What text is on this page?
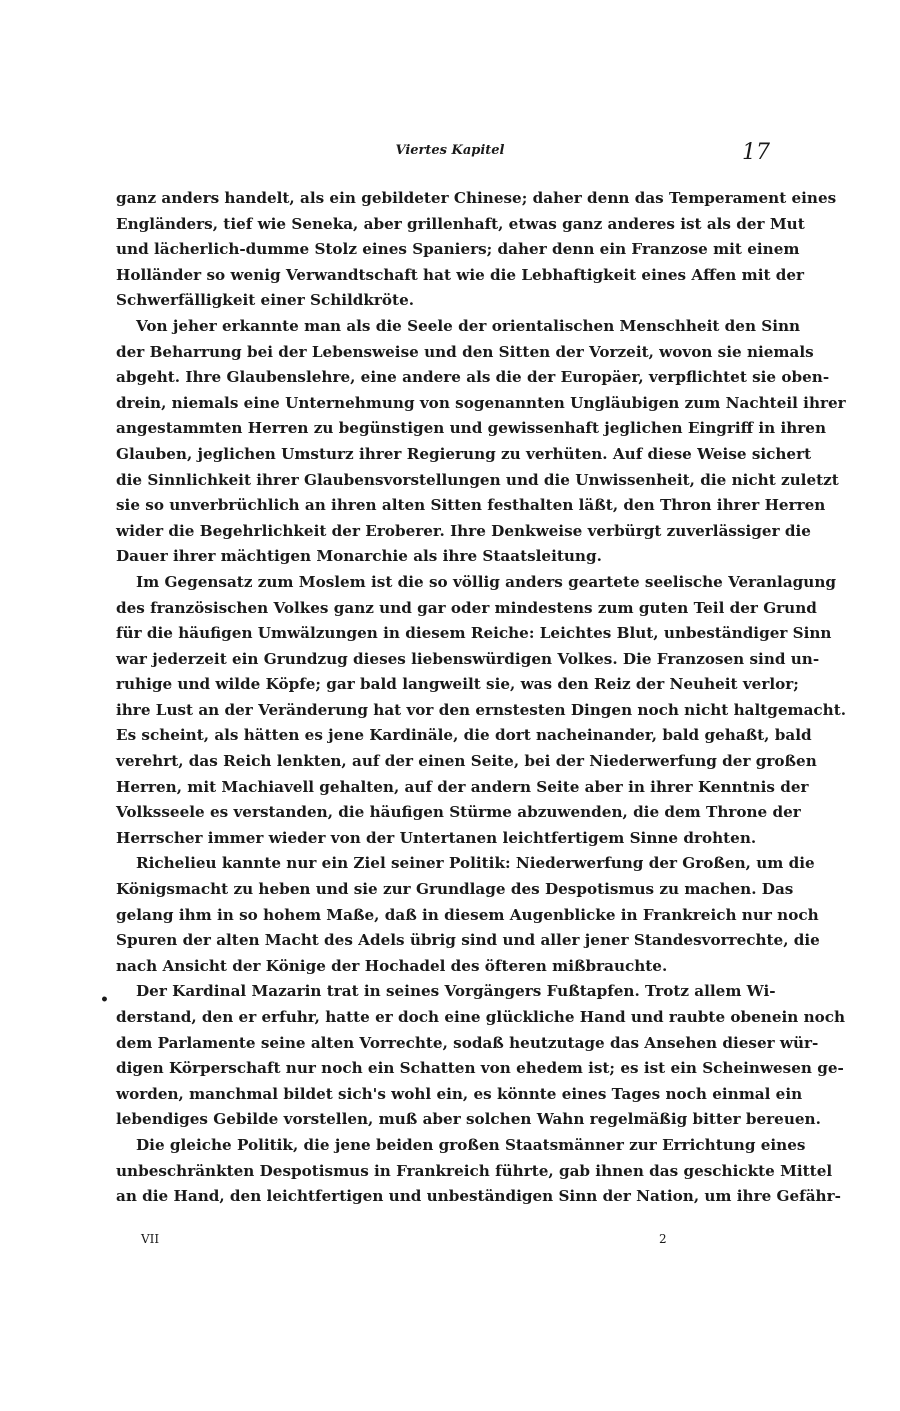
Viertes Kapitel	17
•
ganz anders handelt, als ein gebildeter Chinese; daher denn das Temperament eines
Engländers, tief wie Seneka, aber grillenhaft, etwas ganz anderes ist als der Mut
und lächerlich-dumme Stolz eines Spaniers; daher denn ein Franzose mit einem
Holländer so wenig Verwandtschaft hat wie die Lebhaftigkeit eines Affen mit der
Schwerfälligkeit einer Schildkröte.
Von jeher erkannte man als die Seele der orientalischen Menschheit den Sinn
der Beharrung bei der Lebensweise und den Sitten der Vorzeit, wovon sie niemals
abgeht. Ihre Glaubenslehre, eine andere als die der Europäer, verpflichtet sie oben-
drein, niemals eine Unternehmung von sogenannten Ungläubigen zum Nachteil ihrer
angestammten Herren zu begünstigen und gewissenhaft jeglichen Eingriff in ihren
Glauben, jeglichen Umsturz ihrer Regierung zu verhüten. Auf diese Weise sichert
die Sinnlichkeit ihrer Glaubensvorstellungen und die Unwissenheit, die nicht zuletzt
sie so unverbrüchlich an ihren alten Sitten festhalten läßt, den Thron ihrer Herren
wider die Begehrlichkeit der Eroberer. Ihre Denkweise verbürgt zuverlässiger die
Dauer ihrer mächtigen Monarchie als ihre Staatsleitung.
Im Gegensatz zum Moslem ist die so völlig anders geartete seelische Veranlagung
des französischen Volkes ganz und gar oder mindestens zum guten Teil der Grund
für die häufigen Umwälzungen in diesem Reiche: Leichtes Blut, unbeständiger Sinn
war jederzeit ein Grundzug dieses liebenswürdigen Volkes. Die Franzosen sind un-
ruhige und wilde Köpfe; gar bald langweilt sie, was den Reiz der Neuheit verlor;
ihre Lust an der Veränderung hat vor den ernstesten Dingen noch nicht haltgemacht.
Es scheint, als hätten es jene Kardinäle, die dort nacheinander, bald gehaßt, bald
verehrt, das Reich lenkten, auf der einen Seite, bei der Niederwerfung der großen
Herren, mit Machiavell gehalten, auf der andern Seite aber in ihrer Kenntnis der
Volksseele es verstanden, die häufigen Stürme abzuwenden, die dem Throne der
Herrscher immer wieder von der Untertanen leichtfertigem Sinne drohten.
Richelieu kannte nur ein Ziel seiner Politik: Niederwerfung der Großen, um die
Königsmacht zu heben und sie zur Grundlage des Despotismus zu machen. Das
gelang ihm in so hohem Maße, daß in diesem Augenblicke in Frankreich nur noch
Spuren der alten Macht des Adels übrig sind und aller jener Standesvorrechte, die
nach Ansicht der Könige der Hochadel des öfteren mißbrauchte.
Der Kardinal Mazarin trat in seines Vorgängers Fußtapfen. Trotz allem Wi-
derstand, den er erfuhr, hatte er doch eine glückliche Hand und raubte obenein noch
dem Parlamente seine alten Vorrechte, sodaß heutzutage das Ansehen dieser wür-
digen Körperschaft nur noch ein Schatten von ehedem ist; es ist ein Scheinwesen ge-
worden, manchmal bildet sich's wohl ein, es könnte eines Tages noch einmal ein
lebendiges Gebilde vorstellen, muß aber solchen Wahn regelmäßig bitter bereuen.
Die gleiche Politik, die jene beiden großen Staatsmänner zur Errichtung eines
unbeschränkten Despotismus in Frankreich führte, gab ihnen das geschickte Mittel
an die Hand, den leichtfertigen und unbeständigen Sinn der Nation, um ihre Gefähr-
VII	2
